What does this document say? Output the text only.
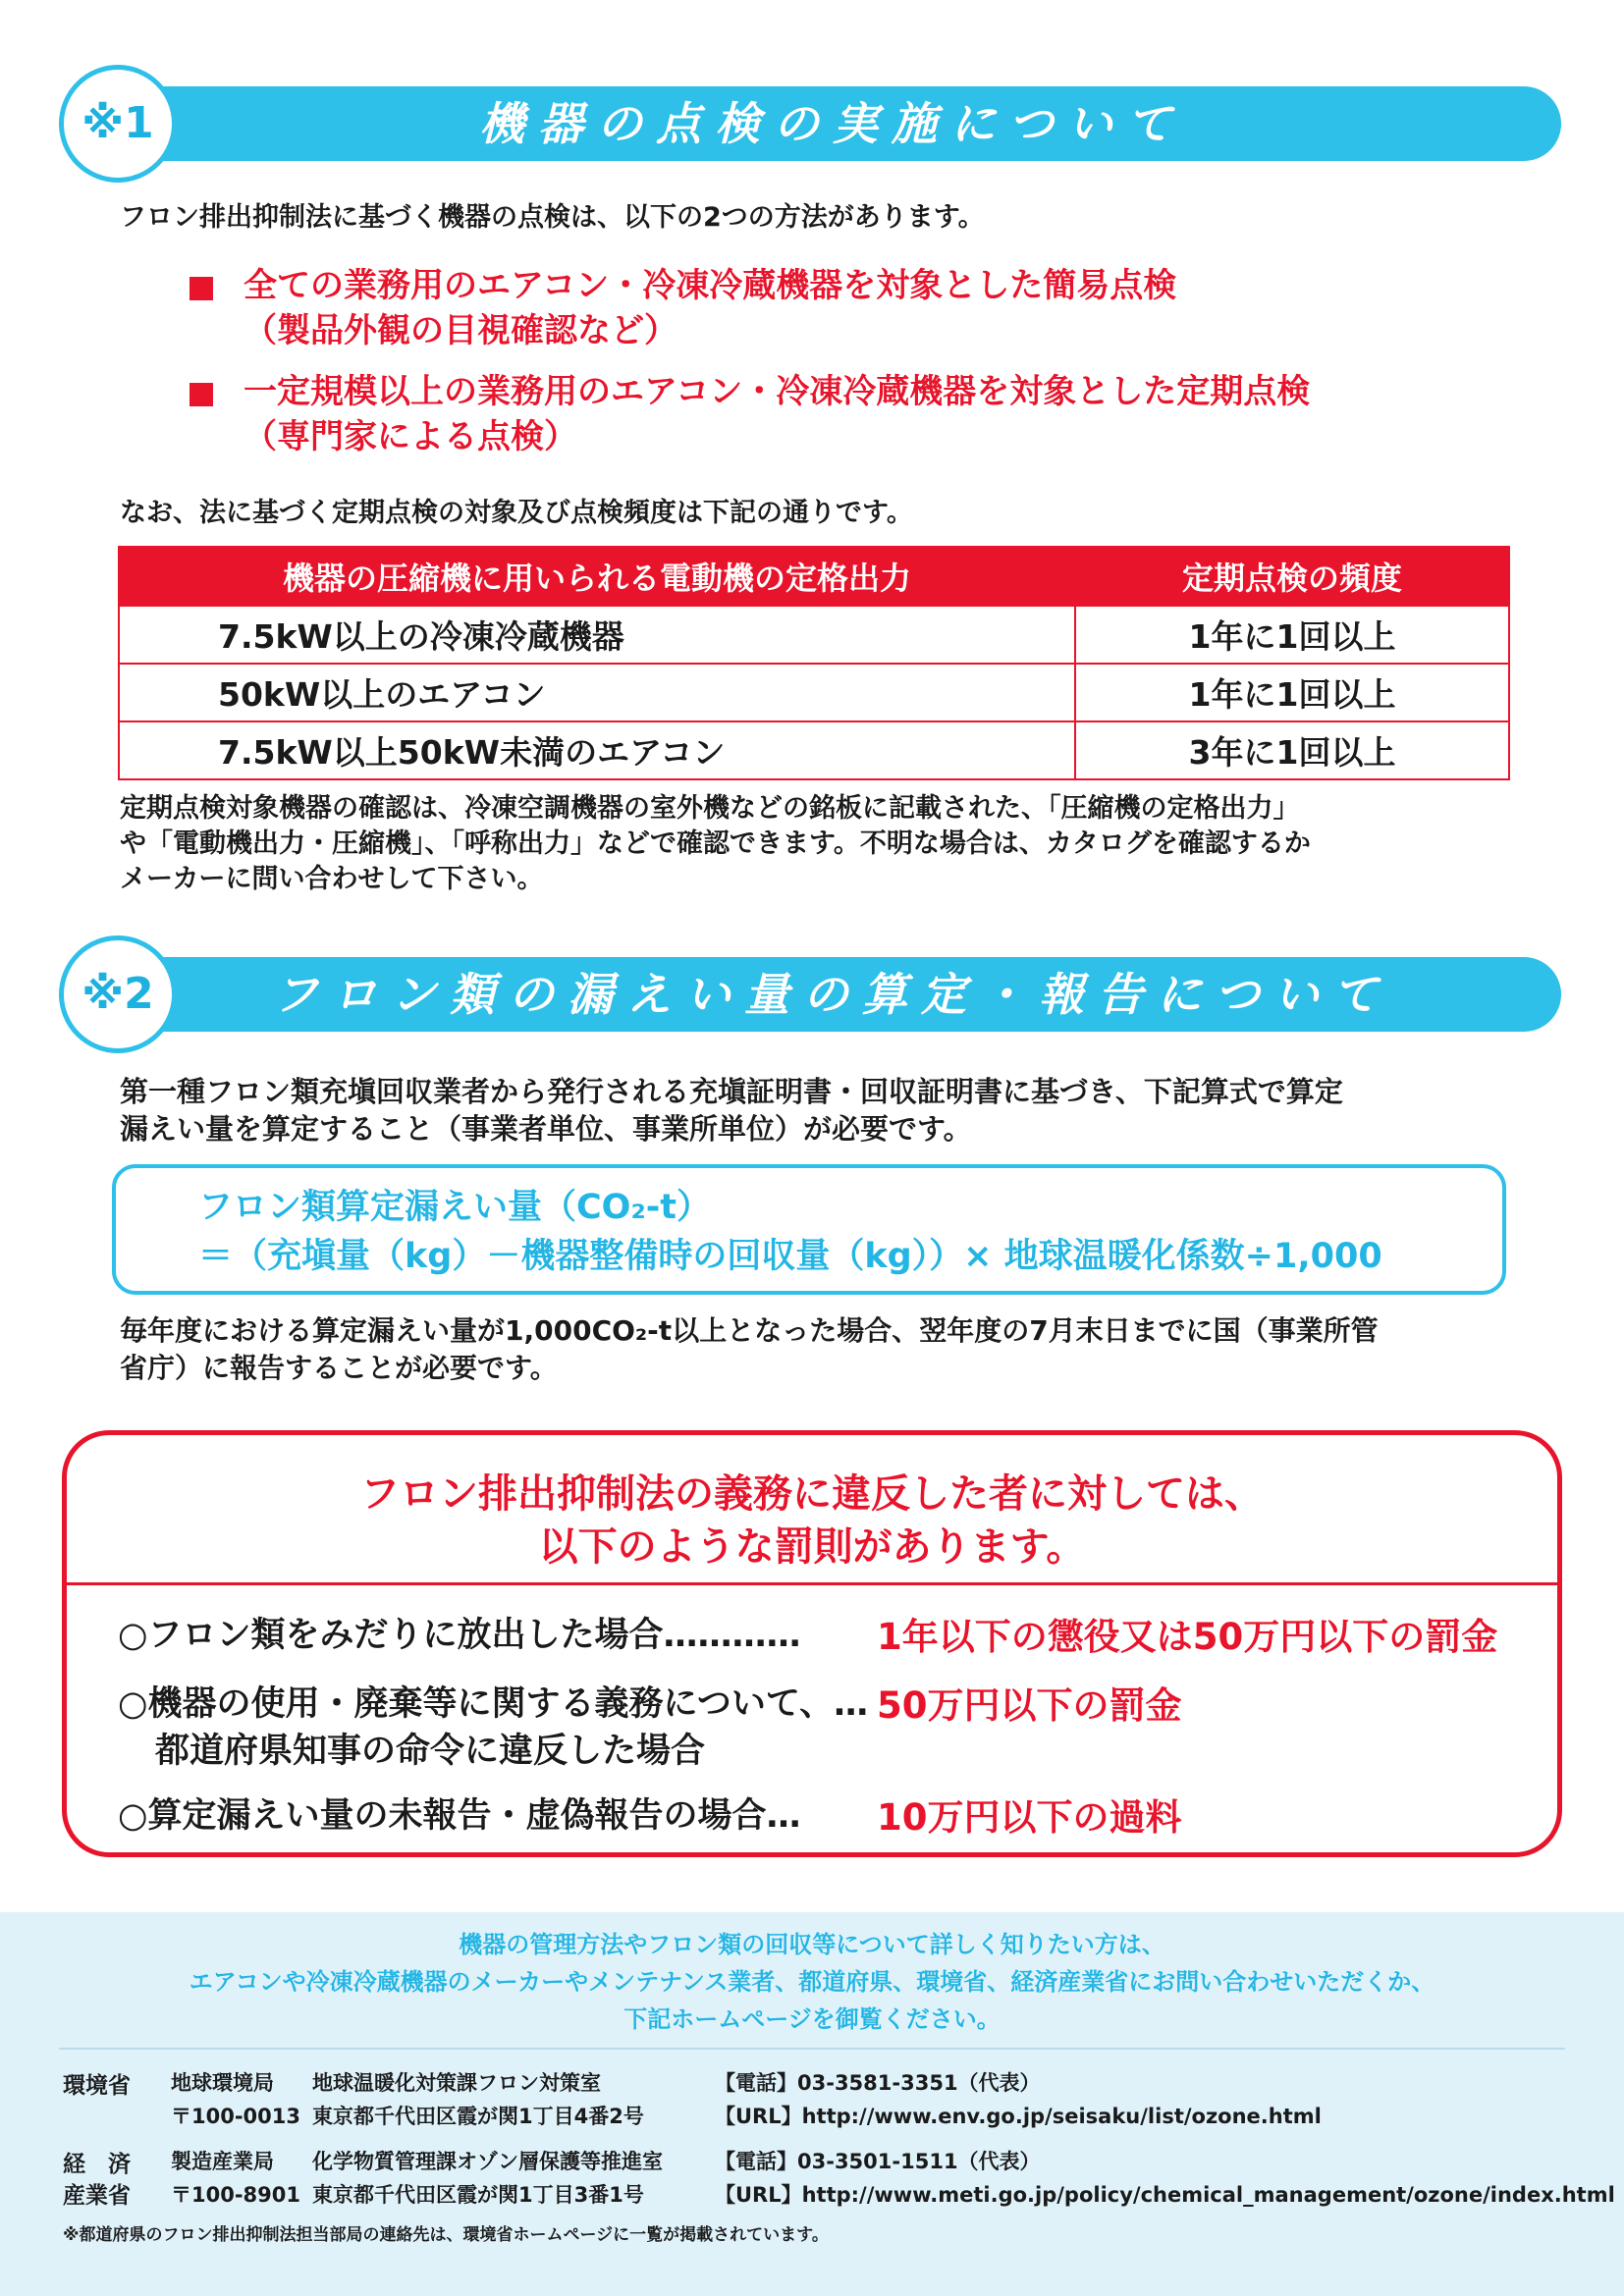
機器の点検の実施について
※1
フロン排出抑制法に基づく機器の点検は、以下の2つの方法があります。
全ての業務用のエアコン・冷凍冷蔵機器を対象とした簡易点検
（製品外観の目視確認など）
一定規模以上の業務用のエアコン・冷凍冷蔵機器を対象とした定期点検
（専門家による点検）
なお、法に基づく定期点検の対象及び点検頻度は下記の通りです。
機器の圧縮機に用いられる電動機の定格出力	定期点検の頻度
7.5kW以上の冷凍冷蔵機器	1年に1回以上
50kW以上のエアコン	1年に1回以上
7.5kW以上50kW未満のエアコン	3年に1回以上
定期点検対象機器の確認は、冷凍空調機器の室外機などの銘板に記載された、「圧縮機の定格出力」
や「電動機出力・圧縮機」、「呼称出力」などで確認できます。不明な場合は、カタログを確認するか
メーカーに問い合わせして下さい。
フロン類の漏えい量の算定・報告について
※2
第一種フロン類充塡回収業者から発行される充塡証明書・回収証明書に基づき、下記算式で算定
漏えい量を算定すること（事業者単位、事業所単位）が必要です。
フロン類算定漏えい量（CO₂-t）
＝（充塡量（kg）－機器整備時の回収量（kg））× 地球温暖化係数÷1,000
毎年度における算定漏えい量が1,000CO₂-t以上となった場合、翌年度の7月末日までに国（事業所管
省庁）に報告することが必要です。
フロン排出抑制法の義務に違反した者に対しては、
以下のような罰則があります。
○フロン類をみだりに放出した場合………… 1年以下の懲役又は50万円以下の罰金
○機器の使用・廃棄等に関する義務について、…
都道府県知事の命令に違反した場合
50万円以下の罰金
○算定漏えい量の未報告・虚偽報告の場合… 10万円以下の過料
機器の管理方法やフロン類の回収等について詳しく知りたい方は、
エアコンや冷凍冷蔵機器のメーカーやメンテナンス業者、都道府県、環境省、経済産業省にお問い合わせいただくか、
下記ホームページを御覧ください。
環境省 地球環境局 地球温暖化対策課フロン対策室
〒100-0013 東京都千代田区霞が関1丁目4番2号
【電話】03-3581-3351（代表）
【URL】http://www.env.go.jp/seisaku/list/ozone.html
経　済
産業省
製造産業局 化学物質管理課オゾン層保護等推進室
〒100-8901 東京都千代田区霞が関1丁目3番1号
【電話】03-3501-1511（代表）
【URL】http://www.meti.go.jp/policy/chemical_management/ozone/index.html
※都道府県のフロン排出抑制法担当部局の連絡先は、環境省ホームページに一覧が掲載されています。
